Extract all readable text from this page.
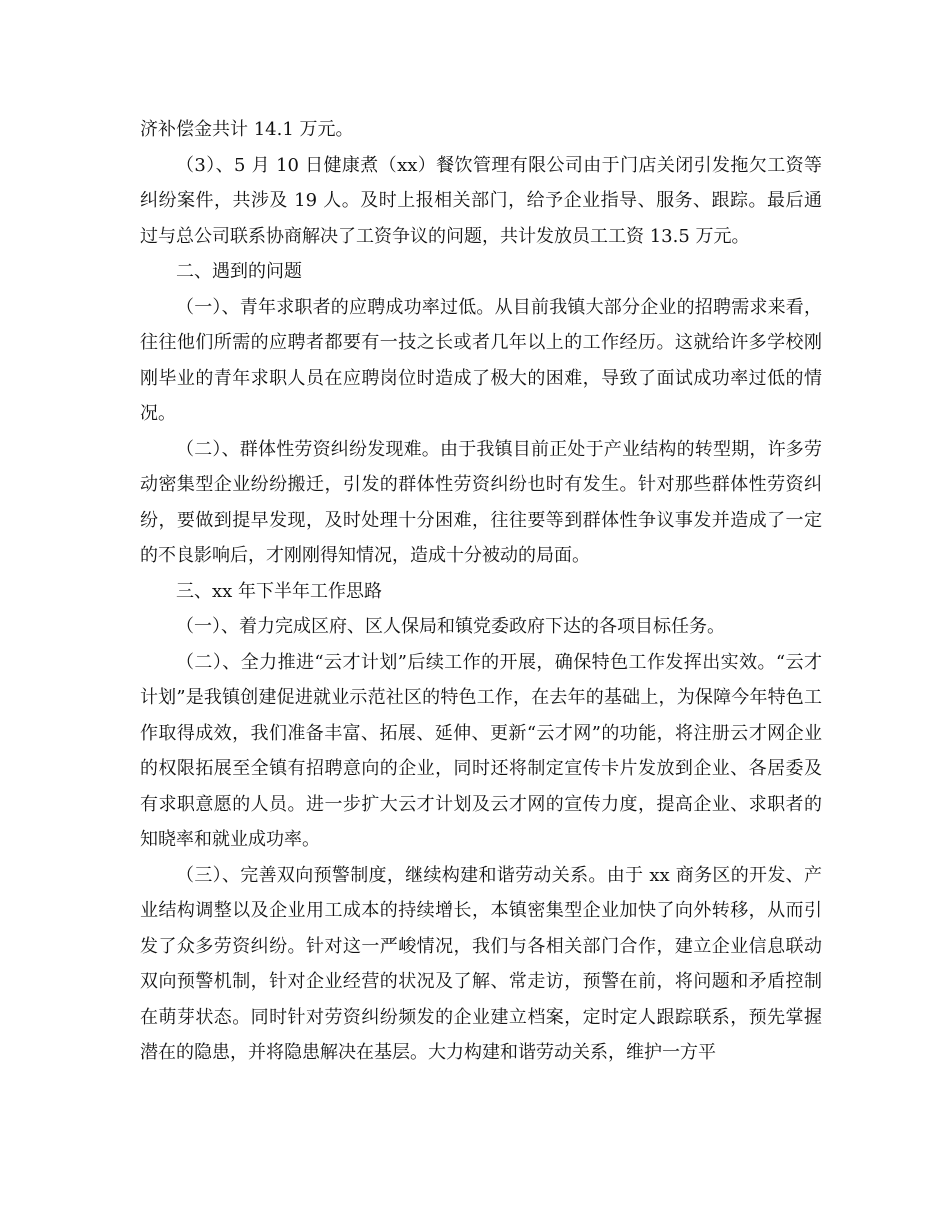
济补偿金共计 14.1 万元。

（3）、5 月 10 日健康煮（xx）餐饮管理有限公司由于门店关闭引发拖欠工资等纠纷案件，共涉及 19 人。及时上报相关部门，给予企业指导、服务、跟踪。最后通过与总公司联系协商解决了工资争议的问题，共计发放员工工资 13.5 万元。

二、遇到的问题

（一）、青年求职者的应聘成功率过低。从目前我镇大部分企业的招聘需求来看，往往他们所需的应聘者都要有一技之长或者几年以上的工作经历。这就给许多学校刚刚毕业的青年求职人员在应聘岗位时造成了极大的困难，导致了面试成功率过低的情况。

（二）、群体性劳资纠纷发现难。由于我镇目前正处于产业结构的转型期，许多劳动密集型企业纷纷搬迁，引发的群体性劳资纠纷也时有发生。针对那些群体性劳资纠纷，要做到提早发现，及时处理十分困难，往往要等到群体性争议事发并造成了一定的不良影响后，才刚刚得知情况，造成十分被动的局面。

三、xx 年下半年工作思路

（一）、着力完成区府、区人保局和镇党委政府下达的各项目标任务。

（二）、全力推进“云才计划”后续工作的开展，确保特色工作发挥出实效。“云才计划”是我镇创建促进就业示范社区的特色工作，在去年的基础上，为保障今年特色工作取得成效，我们准备丰富、拓展、延伸、更新“云才网”的功能，将注册云才网企业的权限拓展至全镇有招聘意向的企业，同时还将制定宣传卡片发放到企业、各居委及有求职意愿的人员。进一步扩大云才计划及云才网的宣传力度，提高企业、求职者的知晓率和就业成功率。

（三）、完善双向预警制度，继续构建和谐劳动关系。由于 xx 商务区的开发、产业结构调整以及企业用工成本的持续增长，本镇密集型企业加快了向外转移，从而引发了众多劳资纠纷。针对这一严峻情况，我们与各相关部门合作，建立企业信息联动双向预警机制，针对企业经营的状况及了解、常走访，预警在前，将问题和矛盾控制在萌芽状态。同时针对劳资纠纷频发的企业建立档案，定时定人跟踪联系，预先掌握潜在的隐患，并将隐患解决在基层。大力构建和谐劳动关系，维护一方平
